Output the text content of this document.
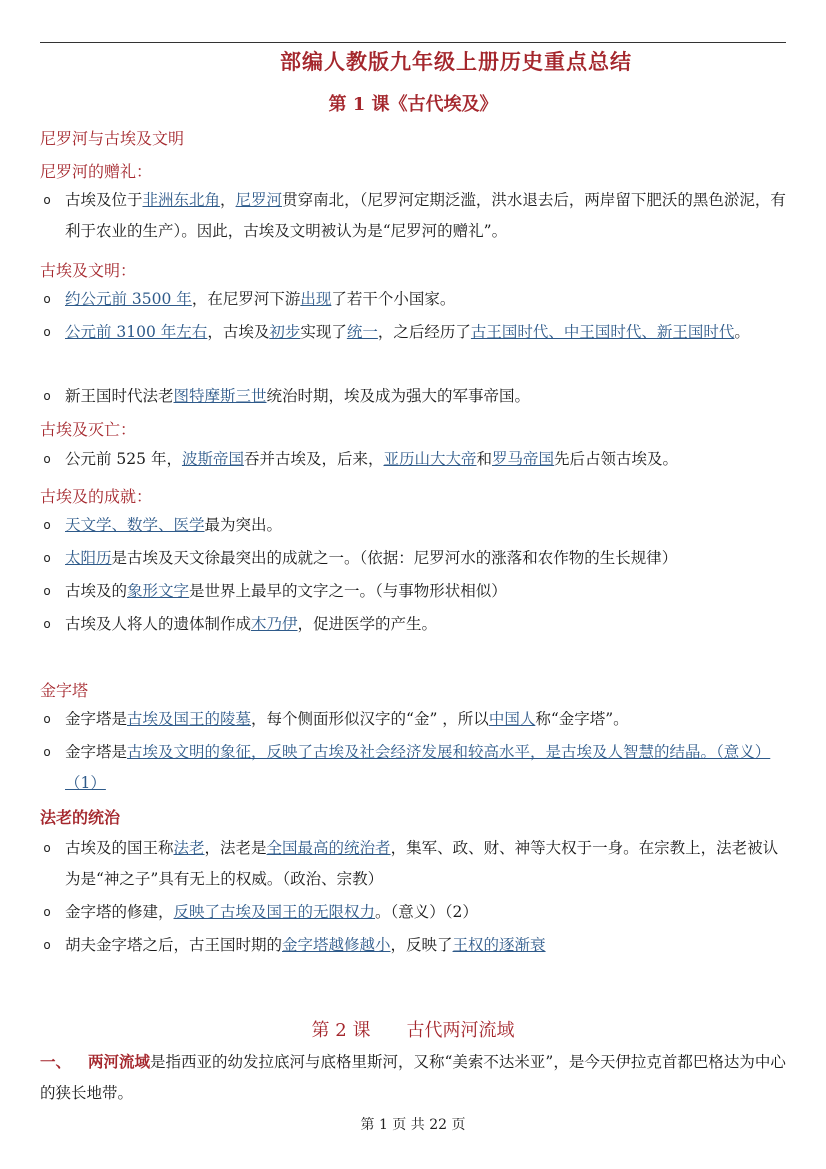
部编人教版九年级上册历史重点总结
第 1 课《古代埃及》
尼罗河与古埃及文明
尼罗河的赠礼：
o 古埃及位于非洲东北角，尼罗河贯穿南北，（尼罗河定期泛滥，洪水退去后，两岸留下肥沃的黑色淤泥，有利于农业的生产）。因此，古埃及文明被认为是“尼罗河的赠礼”。
古埃及文明：
o 约公元前 3500 年，在尼罗河下游出现了若干个小国家。
o 公元前 3100 年左右，古埃及初步实现了统一，之后经历了古王国时代、中王国时代、新王国时代。
o 新王国时代法老图特摩斯三世统治时期，埃及成为强大的军事帝国。
古埃及灭亡：
o 公元前 525 年，波斯帝国吞并古埃及，后来，亚历山大大帝和罗马帝国先后占领古埃及。
古埃及的成就：
o 天文学、数学、医学最为突出。
o 太阳历是古埃及天文徐最突出的成就之一。（依据：尼罗河水的涨落和农作物的生长规律）
o 古埃及的象形文字是世界上最早的文字之一。（与事物形状相似）
o 古埃及人将人的遗体制作成木乃伊，促进医学的产生。
金字塔
o 金字塔是古埃及国王的陵墓，每个侧面形似汉字的“金” ，所以中国人称“金字塔”。
o 金字塔是古埃及文明的象征，反映了古埃及社会经济发展和较高水平，是古埃及人智慧的结晶。（意义）（1）
法老的统治
o 古埃及的国王称法老，法老是全国最高的统治者，集军、政、财、神等大权于一身。在宗教上，法老被认为是“神之子”具有无上的权威。（政治、宗教）
o 金字塔的修建，反映了古埃及国王的无限权力。（意义）（2）
o 胡夫金字塔之后，古王国时期的金字塔越修越小，反映了王权的逐渐衰
第 2 课　　古代两河流域
一、 两河流域是指西亚的幼发拉底河与底格里斯河，又称“美索不达米亚”，是今天伊拉克首都巴格达为中心的狭长地带。
第 1 页 共 22 页
